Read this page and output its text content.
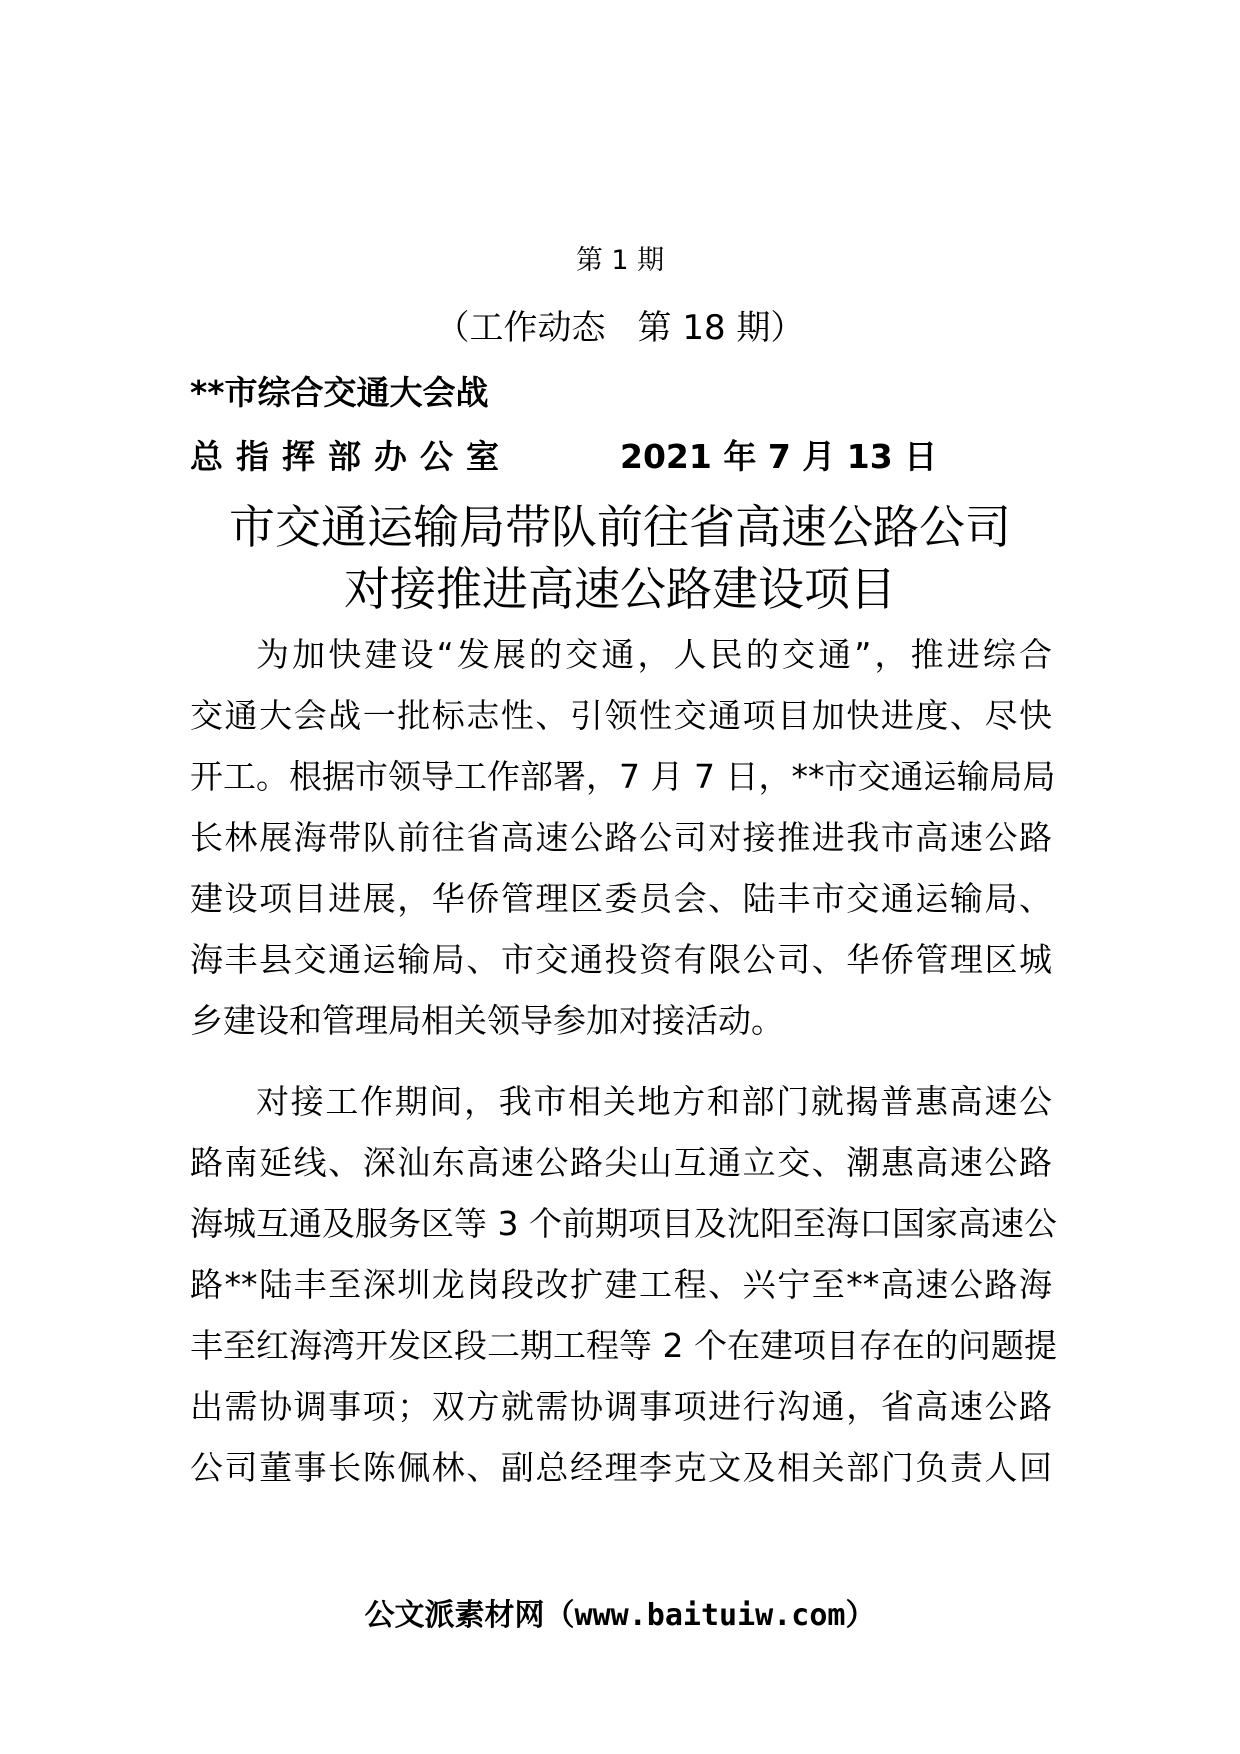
第 1 期
（工作动态 第 18 期）
**市综合交通大会战
总指挥部办公室	2021 年 7 月 13 日
市交通运输局带队前往省高速公路公司
对接推进高速公路建设项目

为加快建设“发展的交通，人民的交通”，推进综合
交通大会战一批标志性、引领性交通项目加快进度、尽快
开工。根据市领导工作部署，7 月 7 日，**市交通运输局局
长林展海带队前往省高速公路公司对接推进我市高速公路
建设项目进展，华侨管理区委员会、陆丰市交通运输局、
海丰县交通运输局、市交通投资有限公司、华侨管理区城
乡建设和管理局相关领导参加对接活动。

对接工作期间，我市相关地方和部门就揭普惠高速公
路南延线、深汕东高速公路尖山互通立交、潮惠高速公路
海城互通及服务区等 3 个前期项目及沈阳至海口国家高速公
路**陆丰至深圳龙岗段改扩建工程、兴宁至**高速公路海
丰至红海湾开发区段二期工程等 2 个在建项目存在的问题提
出需协调事项；双方就需协调事项进行沟通，省高速公路
公司董事长陈佩林、副总经理李克文及相关部门负责人回

公文派素材网（www.baituiw.com）
